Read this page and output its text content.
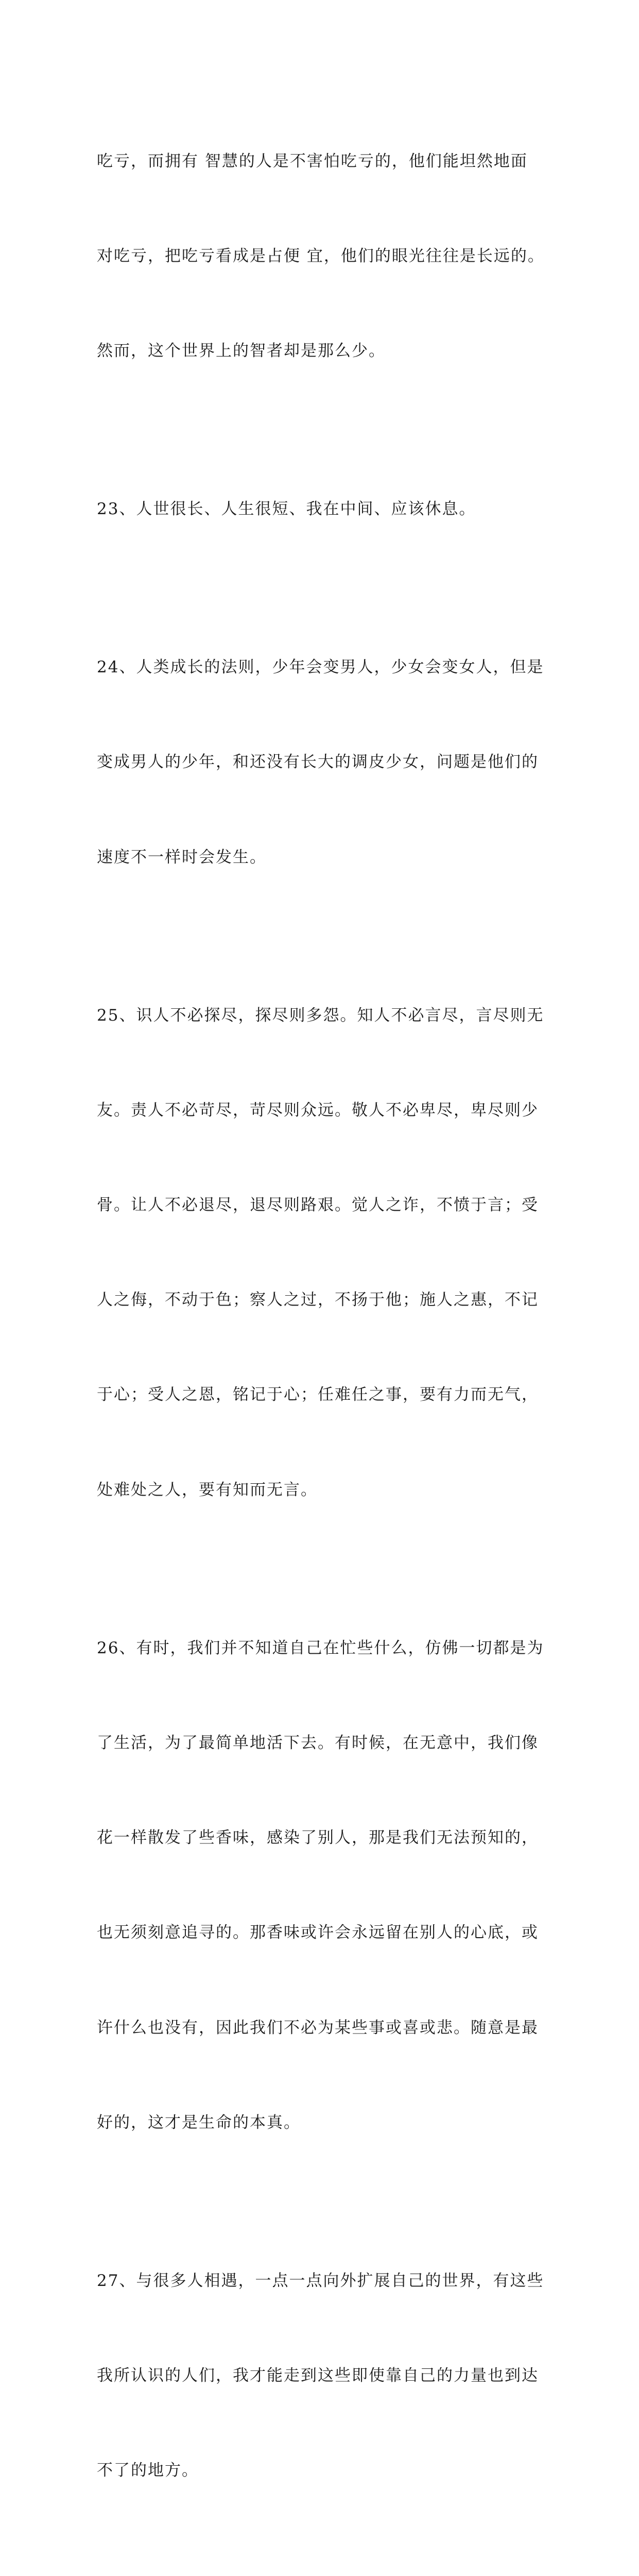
吃亏，而拥有 智慧的人是不害怕吃亏的，他们能坦然地面

对吃亏，把吃亏看成是占便 宜，他们的眼光往往是长远的。

然而，这个世界上的智者却是那么少。

23、人世很长、人生很短、我在中间、应该休息。

24、人类成长的法则，少年会变男人，少女会变女人，但是

变成男人的少年，和还没有长大的调皮少女，问题是他们的

速度不一样时会发生。

25、识人不必探尽，探尽则多怨。知人不必言尽，言尽则无

友。责人不必苛尽，苛尽则众远。敬人不必卑尽，卑尽则少

骨。让人不必退尽，退尽则路艰。觉人之诈，不愤于言；受

人之侮，不动于色；察人之过，不扬于他；施人之惠，不记

于心；受人之恩，铭记于心；任难任之事，要有力而无气，

处难处之人，要有知而无言。

26、有时，我们并不知道自己在忙些什么，仿佛一切都是为

了生活，为了最简单地活下去。有时候，在无意中，我们像

花一样散发了些香味，感染了别人，那是我们无法预知的，

也无须刻意追寻的。那香味或许会永远留在别人的心底，或

许什么也没有，因此我们不必为某些事或喜或悲。随意是最

好的，这才是生命的本真。

27、与很多人相遇，一点一点向外扩展自己的世界，有这些

我所认识的人们，我才能走到这些即使靠自己的力量也到达

不了的地方。
